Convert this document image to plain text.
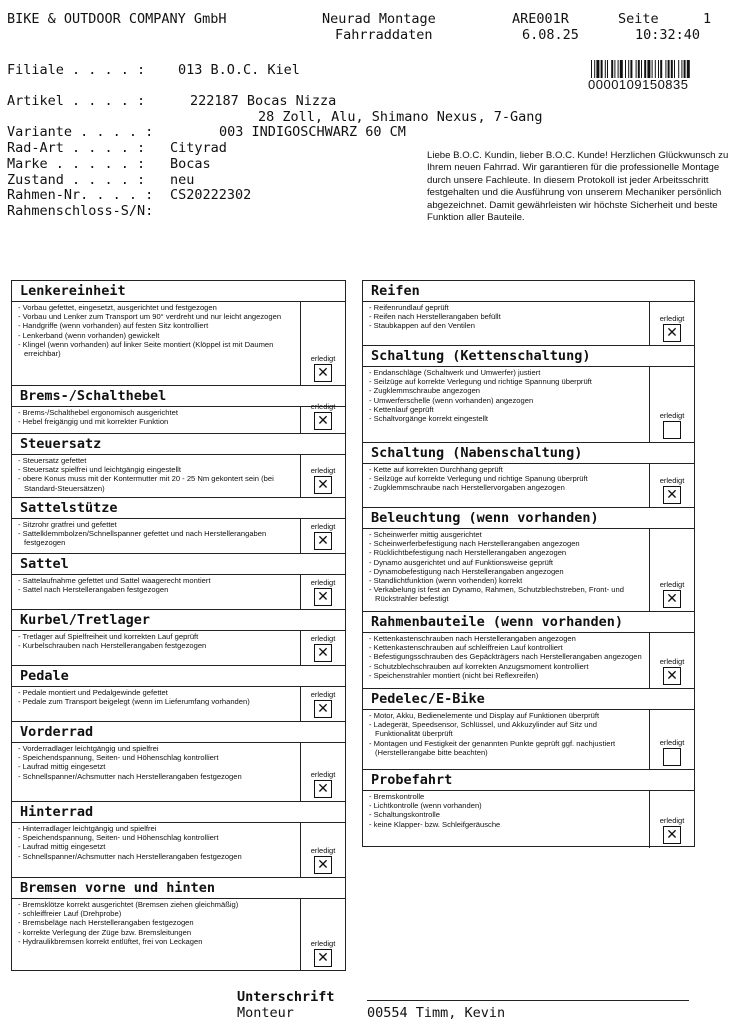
BIKE & OUTDOOR COMPANY GmbH	Neurad Montage
Fahrraddaten
ARE001R	Seite	1
6.08.25	10:32:40
0000109150835
Filiale . . . . : 013 B.O.C. Kiel
Artikel . . . . :	222187 Bocas Nizza
28 Zoll, Alu, Shimano Nexus, 7-Gang
Variante . . . . :	003 INDIGOSCHWARZ 60 CM
Rad-Art . . . . : Cityrad
Marke . . . . . : Bocas
Zustand . . . . : neu
Rahmen-Nr. . . . : CS20222302
Rahmenschloss-S/N:
Liebe B.O.C. Kundin, lieber B.O.C. Kunde! Herzlichen Glückwunsch zu Ihrem neuen Fahrrad. Wir garantieren für die professionelle Montage durch unsere Fachleute. In diesem Protokoll ist jeder Arbeitsschritt festgehalten und die Ausführung von unserem Mechaniker persönlich abgezeichnet. Damit gewährleisten wir höchste Sicherheit und beste Funktion aller Bauteile.
Lenkereinheit
- Vorbau gefettet, eingesetzt, ausgerichtet und festgezogen
- Vorbau und Lenker zum Transport um 90° verdreht und nur leicht angezogen
- Handgriffe (wenn vorhanden) auf festen Sitz kontrolliert
- Lenkerband (wenn vorhanden) gewickelt
- Klingel (wenn vorhanden) auf linker Seite montiert (Klöppel ist mit Daumen erreichbar)
erledigt
✕
Brems-/Schalthebel
- Brems-/Schalthebel ergonomisch ausgerichtet
- Hebel freigängig und mit korrekter Funktion
erledigt
✕
Steuersatz
- Steuersatz gefettet
- Steuersatz spielfrei und leichtgängig eingestellt
- obere Konus muss mit der Kontermutter mit 20 - 25 Nm gekontert sein (bei Standard-Steuersätzen)
erledigt
✕
Sattelstütze
- Sitzrohr gratfrei und gefettet
- Sattelklemmbolzen/Schnellspanner gefettet und nach Herstellerangaben festgezogen
erledigt
✕
Sattel
- Sattelaufnahme gefettet und Sattel waagerecht montiert
- Sattel nach Herstellerangaben festgezogen
erledigt
✕
Kurbel/Tretlager
- Tretlager auf Spielfreiheit und korrekten Lauf geprüft
- Kurbelschrauben nach Herstellerangaben festgezogen
erledigt
✕
Pedale
- Pedale montiert und Pedalgewinde gefettet
- Pedale zum Transport beigelegt (wenn im Lieferumfang vorhanden)
erledigt
✕
Vorderrad
- Vorderradlager leichtgängig und spielfrei
- Speichendspannung, Seiten- und Höhenschlag kontrolliert
- Laufrad mittig eingesetzt
- Schnellspanner/Achsmutter nach Herstellerangaben festgezogen	erledigt
✕
Hinterrad
- Hinterradlager leichtgängig und spielfrei
- Speichendspannung, Seiten- und Höhenschlag kontrolliert
- Laufrad mittig eingesetzt
- Schnellspanner/Achsmutter nach Herstellerangaben festgezogen
erledigt
✕
Bremsen vorne und hinten
- Bremsklötze korrekt ausgerichtet (Bremsen ziehen gleichmäßig)
- schleiffreier Lauf (Drehprobe)
- Bremsbeläge nach Herstellerangaben festgezogen
- korrekte Verlegung der Züge bzw. Bremsleitungen
- Hydraulikbremsen korrekt entlüftet, frei von Leckagen	erledigt
✕
Reifen
- Reifenrundlauf geprüft
- Reifen nach Herstellerangaben befüllt
- Staubkappen auf den Ventilen
erledigt
✕
Schaltung (Kettenschaltung)
- Endanschläge (Schaltwerk und Umwerfer) justiert
- Seilzüge auf korrekte Verlegung und richtige Spannung überprüft
- Zugklemmschraube angezogen
- Umwerferschelle (wenn vorhanden) angezogen
- Kettenlauf geprüft
- Schaltvorgänge korrekt eingestellt	erledigt
Schaltung (Nabenschaltung)
- Kette auf korrekten Durchhang geprüft
- Seilzüge auf korrekte Verlegung und richtige Spanung überprüft
- Zugklemmschraube nach Herstellervorgaben angezogen
erledigt
✕
Beleuchtung (wenn vorhanden)
- Scheinwerfer mittig ausgerichtet
- Scheinwerferbefestigung nach Herstellerangaben angezogen
- Rücklichtbefestigung nach Herstellerangaben angezogen
- Dynamo ausgerichtet und auf Funktionsweise geprüft
- Dynamobefestigung nach Herstellerangaben angezogen
- Standlichtfunktion (wenn vorhenden) korrekt
- Verkabelung ist fest an Dynamo, Rahmen, Schutzblechstreben, Front- und Rückstrahler befestigt
erledigt
✕
Rahmenbauteile (wenn vorhanden)
- Kettenkastenschrauben nach Herstellerangaben angezogen
- Kettenkastenschrauben auf schleiffreien Lauf kontrolliert
- Befestigungsschrauben des Gepäckträgers nach Herstellerangaben angezogen
- Schutzblechschrauben auf korrekten Anzugsmoment kontrolliert
- Speichenstrahler montiert (nicht bei Reflexreifen)
erledigt
✕
Pedelec/E-Bike
- Motor, Akku, Bedienelemente und Display auf Funktionen überprüft
- Ladegerät, Speedsensor, Schlüssel, und Akkuzylinder auf Sitz und Funktionalität überprüft
- Montagen und Festigkeit der genannten Punkte geprüft ggf. nachjustiert (Herstellerangabe bitte beachten)
erledigt
Probefahrt
- Bremskontrolle
- Lichtkontrolle (wenn vorhanden)
- Schaltungskontrolle
- keine Klapper- bzw. Schleifgeräusche	erledigt
✕
Unterschrift
Monteur	00554 Timm, Kevin
